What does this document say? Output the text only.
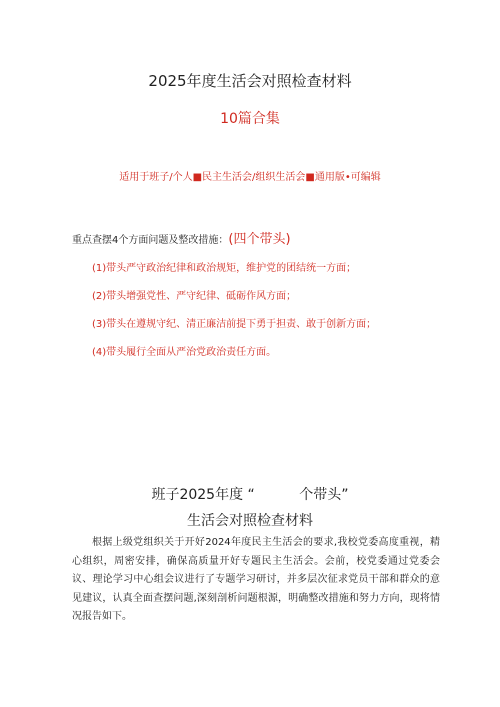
2025年度生活会对照检查材料
10篇合集
适用于班子/个人■民主生活会/组织生活会■通用版•可编辑
重点查摆4个方面问题及整改措施：(四个带头)
(1)带头严守政治纪律和政治规矩，维护党的团结统一方面；
(2)带头增强党性、严守纪律、砥砺作风方面；
(3)带头在遵规守纪、清正廉洁前提下勇于担责、敢于创新方面；
(4)带头履行全面从严治党政治责任方面。
班子2025年度 “          个带头”
生活会对照检查材料
根据上级党组织关于开好2024年度民主生活会的要求,我校党委高度重视，精心组织，周密安排，确保高质量开好专题民主生活会。会前，校党委通过党委会议、理论学习中心组会议进行了专题学习研讨，并多层次征求党员干部和群众的意见建议，认真全面查摆问题,深刻剖析问题根源，明确整改措施和努力方向，现将情况报告如下。
